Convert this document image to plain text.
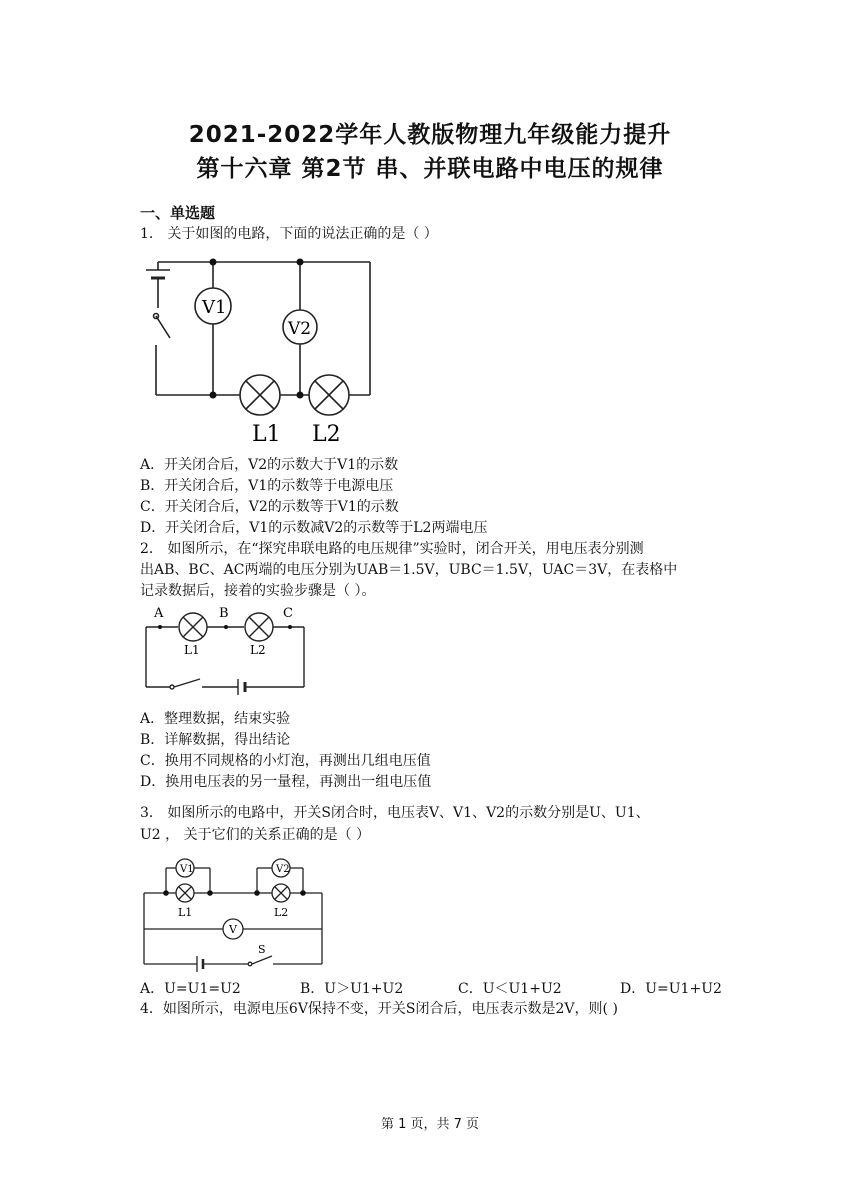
2021-2022学年人教版物理九年级能力提升
第十六章 第2节 串、并联电路中电压的规律
一、单选题
1． 关于如图的电路，下面的说法正确的是（ ）
V1
V2
L1 L2
A．开关闭合后，V2的示数大于V1的示数
B．开关闭合后，V1的示数等于电源电压
C．开关闭合后，V2的示数等于V1的示数
D．开关闭合后，V1的示数减V2的示数等于L2两端电压
2． 如图所示，在“探究串联电路的电压规律”实验时，闭合开关，用电压表分别测
出AB、BC、AC两端的电压分别为UAB＝1.5V，UBC＝1.5V，UAC＝3V，在表格中
记录数据后，接着的实验步骤是（ ）。
A	B	C
L1	L2
A．整理数据，结束实验
B．详解数据，得出结论
C．换用不同规格的小灯泡，再测出几组电压值
D．换用电压表的另一量程，再测出一组电压值
3． 如图所示的电路中，开关S闭合时，电压表V、V1、V2的示数分别是U、U1、
U2 ， 关于它们的关系正确的是（ ）
V1	V2
V
L1	L2
S
A．U=U1=U2	B．U＞U1+U2	C．U＜U1+U2	D．U=U1+U2
4．如图所示，电源电压6V保持不变，开关S闭合后，电压表示数是2V，则( )
第 1 页，共 7 页
